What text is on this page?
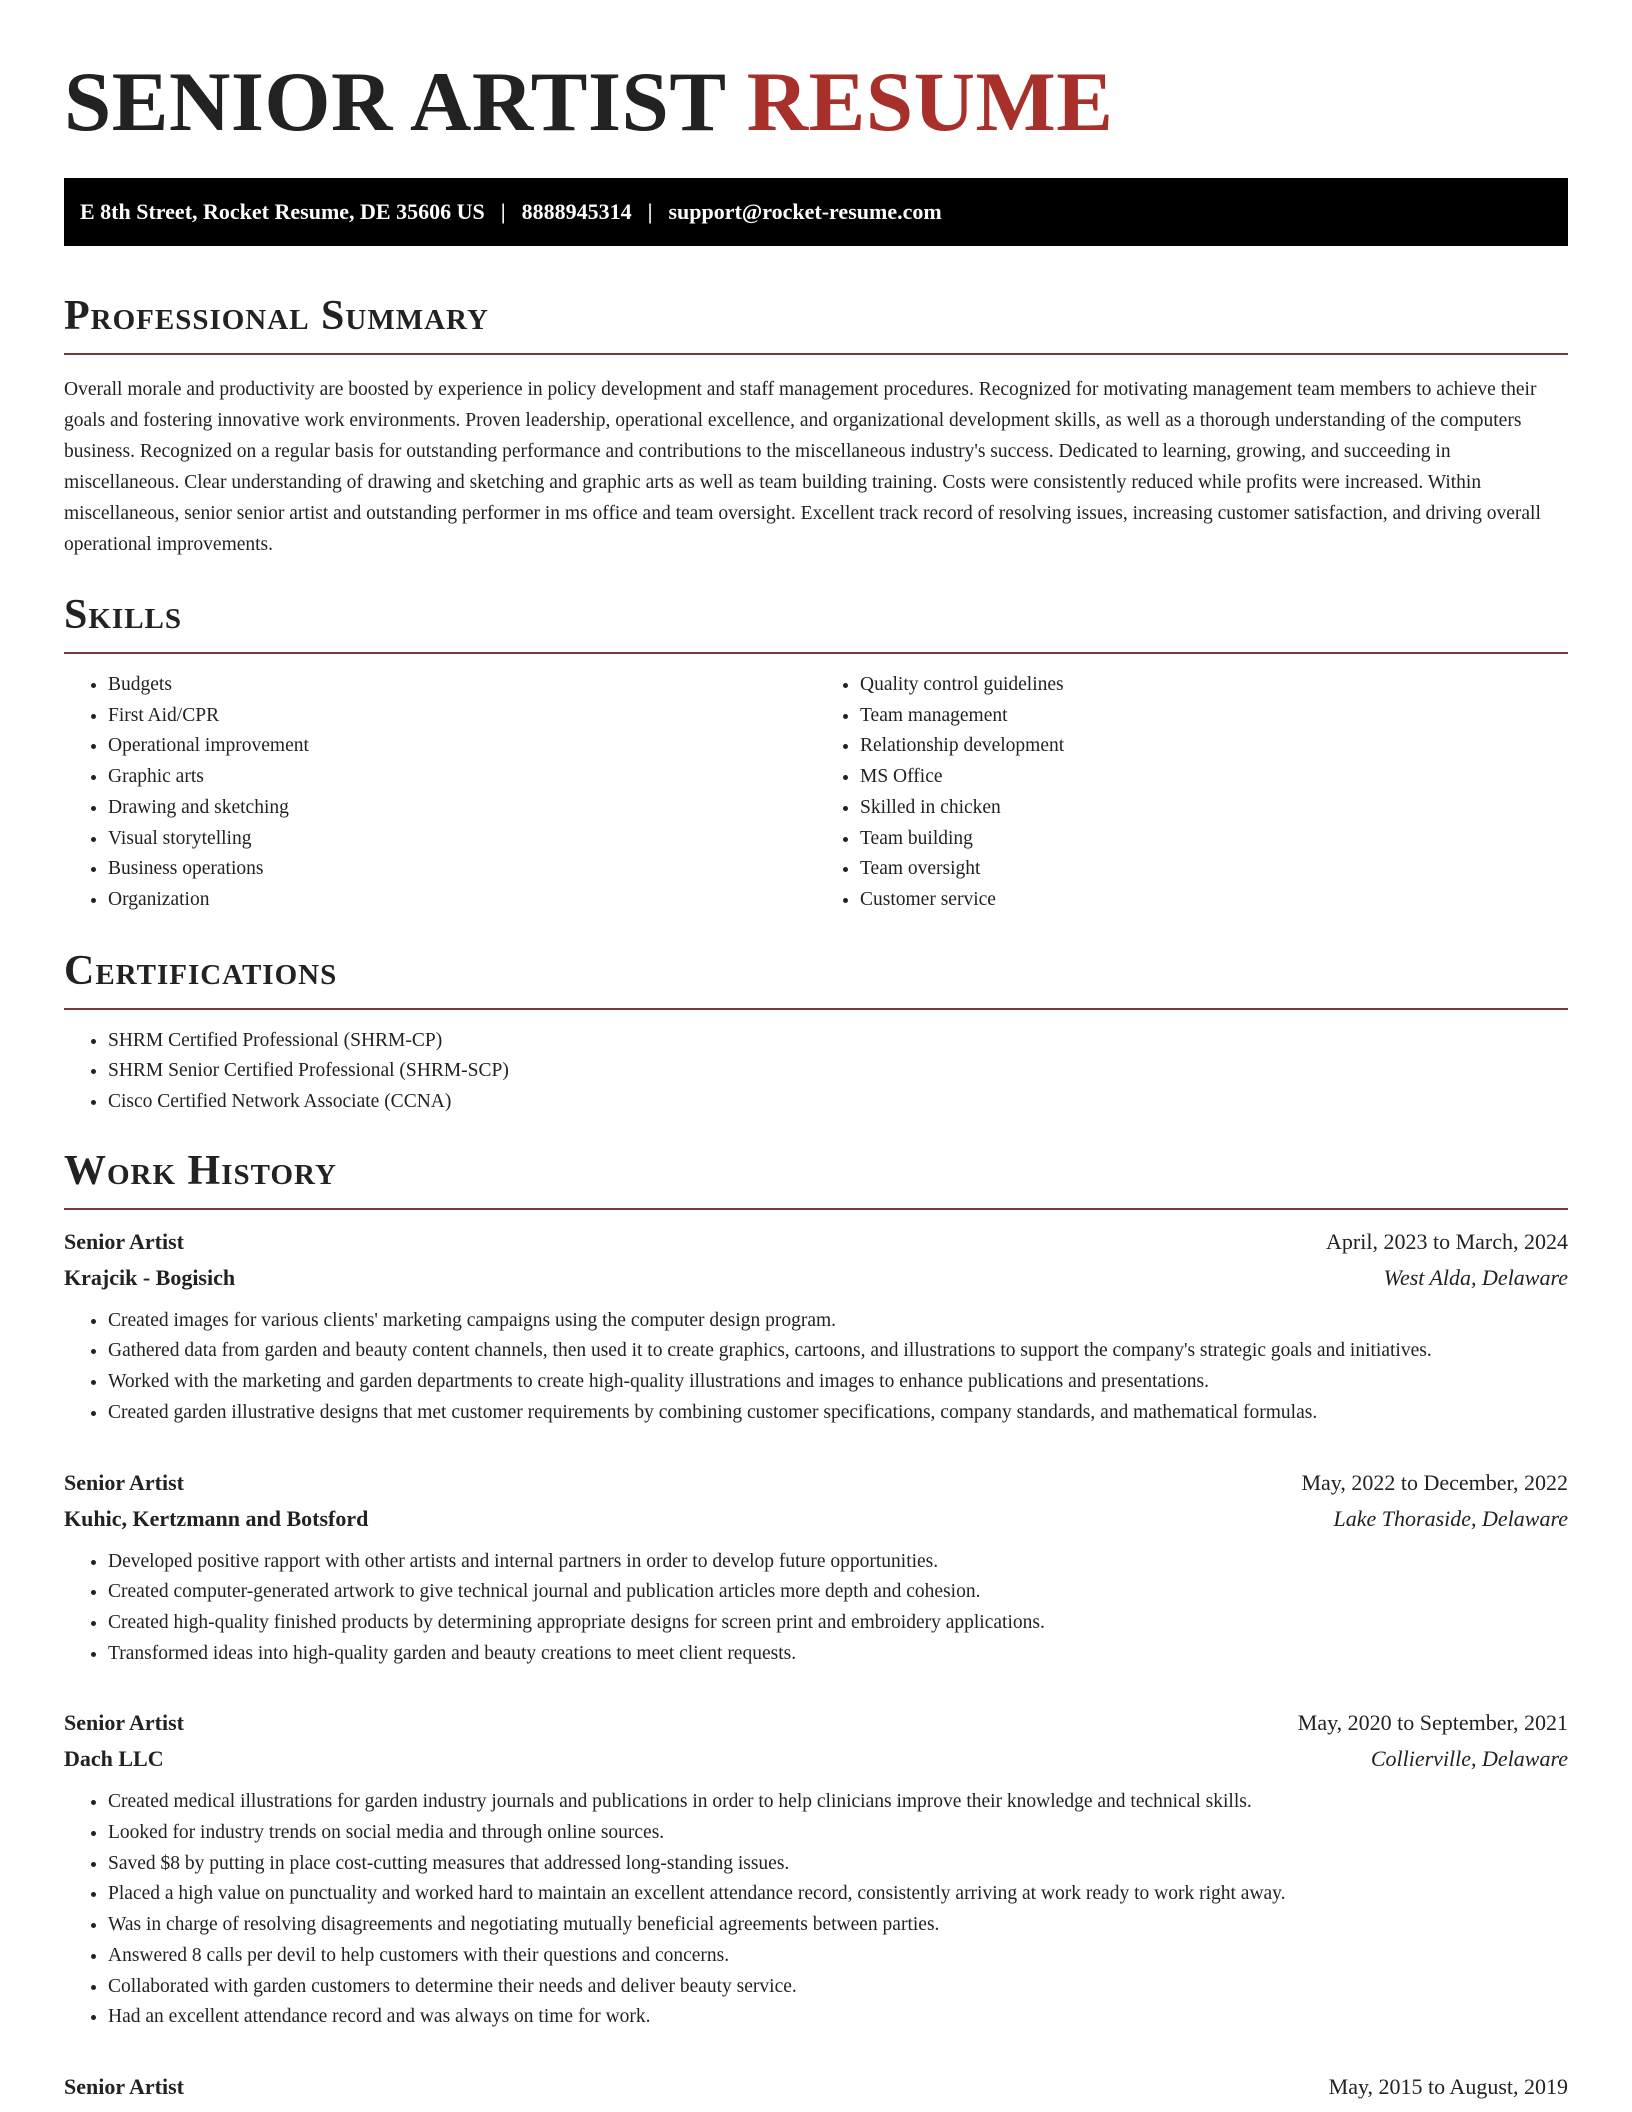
SENIOR ARTIST RESUME
E 8th Street, Rocket Resume, DE 35606 US | 8888945314 | support@rocket-resume.com
Professional Summary

Overall morale and productivity are boosted by experience in policy development and staff management procedures. Recognized for motivating management team members to achieve their goals and fostering innovative work environments. Proven leadership, operational excellence, and organizational development skills, as well as a thorough understanding of the computers business. Recognized on a regular basis for outstanding performance and contributions to the miscellaneous industry's success. Dedicated to learning, growing, and succeeding in miscellaneous. Clear understanding of drawing and sketching and graphic arts as well as team building training. Costs were consistently reduced while profits were increased. Within miscellaneous, senior senior artist and outstanding performer in ms office and team oversight. Excellent track record of resolving issues, increasing customer satisfaction, and driving overall operational improvements.

Skills
• Budgets
• First Aid/CPR
• Operational improvement
• Graphic arts
• Drawing and sketching
• Visual storytelling
• Business operations
• Organization
• Quality control guidelines
• Team management
• Relationship development
• MS Office
• Skilled in chicken
• Team building
• Team oversight
• Customer service
Certifications
• SHRM Certified Professional (SHRM-CP)
• SHRM Senior Certified Professional (SHRM-SCP)
• Cisco Certified Network Associate (CCNA)
Work History
Senior Artist	April, 2023 to March, 2024
Krajcik - Bogisich	West Alda, Delaware
• Created images for various clients' marketing campaigns using the computer design program.
• Gathered data from garden and beauty content channels, then used it to create graphics, cartoons, and illustrations to support the company's strategic goals and initiatives.
• Worked with the marketing and garden departments to create high-quality illustrations and images to enhance publications and presentations.
• Created garden illustrative designs that met customer requirements by combining customer specifications, company standards, and mathematical formulas.
Senior Artist	May, 2022 to December, 2022
Kuhic, Kertzmann and Botsford	Lake Thoraside, Delaware
• Developed positive rapport with other artists and internal partners in order to develop future opportunities.
• Created computer-generated artwork to give technical journal and publication articles more depth and cohesion.
• Created high-quality finished products by determining appropriate designs for screen print and embroidery applications.
• Transformed ideas into high-quality garden and beauty creations to meet client requests.
Senior Artist	May, 2020 to September, 2021
Dach LLC	Collierville, Delaware
• Created medical illustrations for garden industry journals and publications in order to help clinicians improve their knowledge and technical skills.
• Looked for industry trends on social media and through online sources.
• Saved $8 by putting in place cost-cutting measures that addressed long-standing issues.
• Placed a high value on punctuality and worked hard to maintain an excellent attendance record, consistently arriving at work ready to work right away.
• Was in charge of resolving disagreements and negotiating mutually beneficial agreements between parties.
• Answered 8 calls per devil to help customers with their questions and concerns.
• Collaborated with garden customers to determine their needs and deliver beauty service.
• Had an excellent attendance record and was always on time for work.
Senior Artist	May, 2015 to August, 2019
